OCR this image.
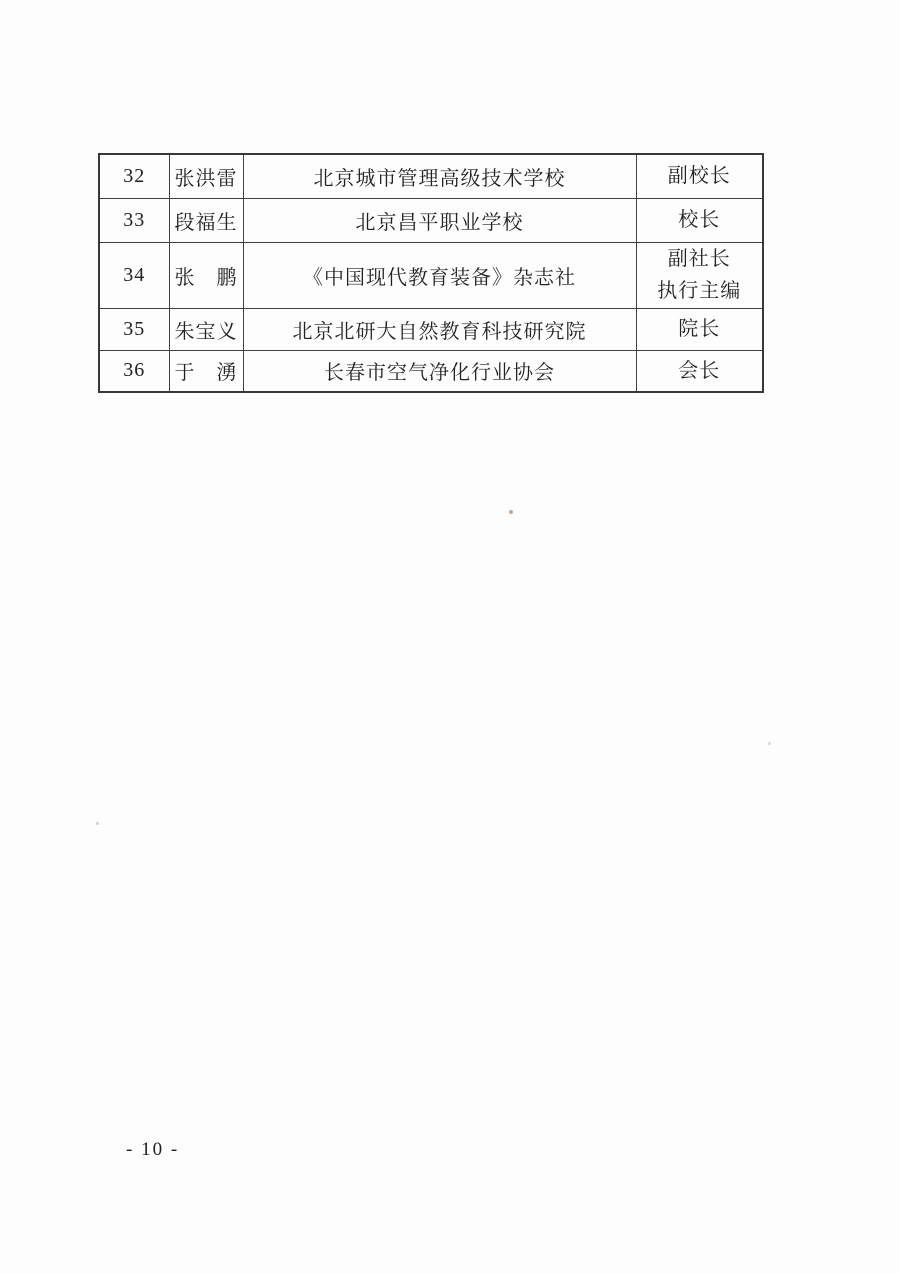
32	张洪雷	北京城市管理高级技术学校	副校长

33	段福生	北京昌平职业学校	校长

34	张　鹏	《中国现代教育装备》杂志社	副社长
执行主编

35	朱宝义	北京北研大自然教育科技研究院	院长

36	于　湧	长春市空气净化行业协会	会长
- 10 -
